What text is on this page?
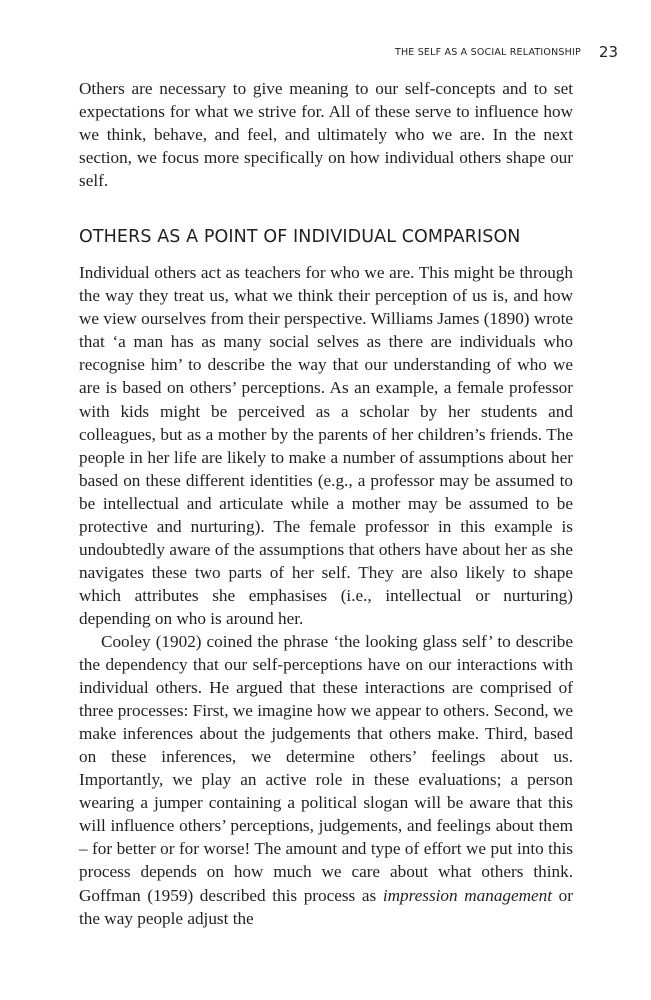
THE SELF AS A SOCIAL RELATIONSHIP 23

Others are necessary to give meaning to our self-concepts and to set expectations for what we strive for. All of these serve to influence how we think, behave, and feel, and ultimately who we are. In the next section, we focus more specifically on how individual others shape our self.

OTHERS AS A POINT OF INDIVIDUAL COMPARISON

Individual others act as teachers for who we are. This might be through the way they treat us, what we think their perception of us is, and how we view ourselves from their perspective. Williams James (1890) wrote that ‘a man has as many social selves as there are individuals who recognise him’ to describe the way that our understanding of who we are is based on others’ perceptions. As an example, a female professor with kids might be perceived as a scholar by her students and colleagues, but as a mother by the parents of her children’s friends. The people in her life are likely to make a number of assumptions about her based on these different identities (e.g., a professor may be assumed to be intellectual and articulate while a mother may be assumed to be protective and nurturing). The female professor in this example is undoubtedly aware of the assumptions that others have about her as she navigates these two parts of her self. They are also likely to shape which attributes she emphasises (i.e., intellectual or nurturing) depending on who is around her.

Cooley (1902) coined the phrase ‘the looking glass self’ to describe the dependency that our self-perceptions have on our interactions with individual others. He argued that these interactions are comprised of three processes: First, we imagine how we appear to others. Second, we make inferences about the judgements that others make. Third, based on these inferences, we determine others’ feelings about us. Importantly, we play an active role in these evaluations; a person wearing a jumper containing a political slogan will be aware that this will influence others’ perceptions, judgements, and feelings about them – for better or for worse! The amount and type of effort we put into this process depends on how much we care about what others think. Goffman (1959) described this process as impression management or the way people adjust the
